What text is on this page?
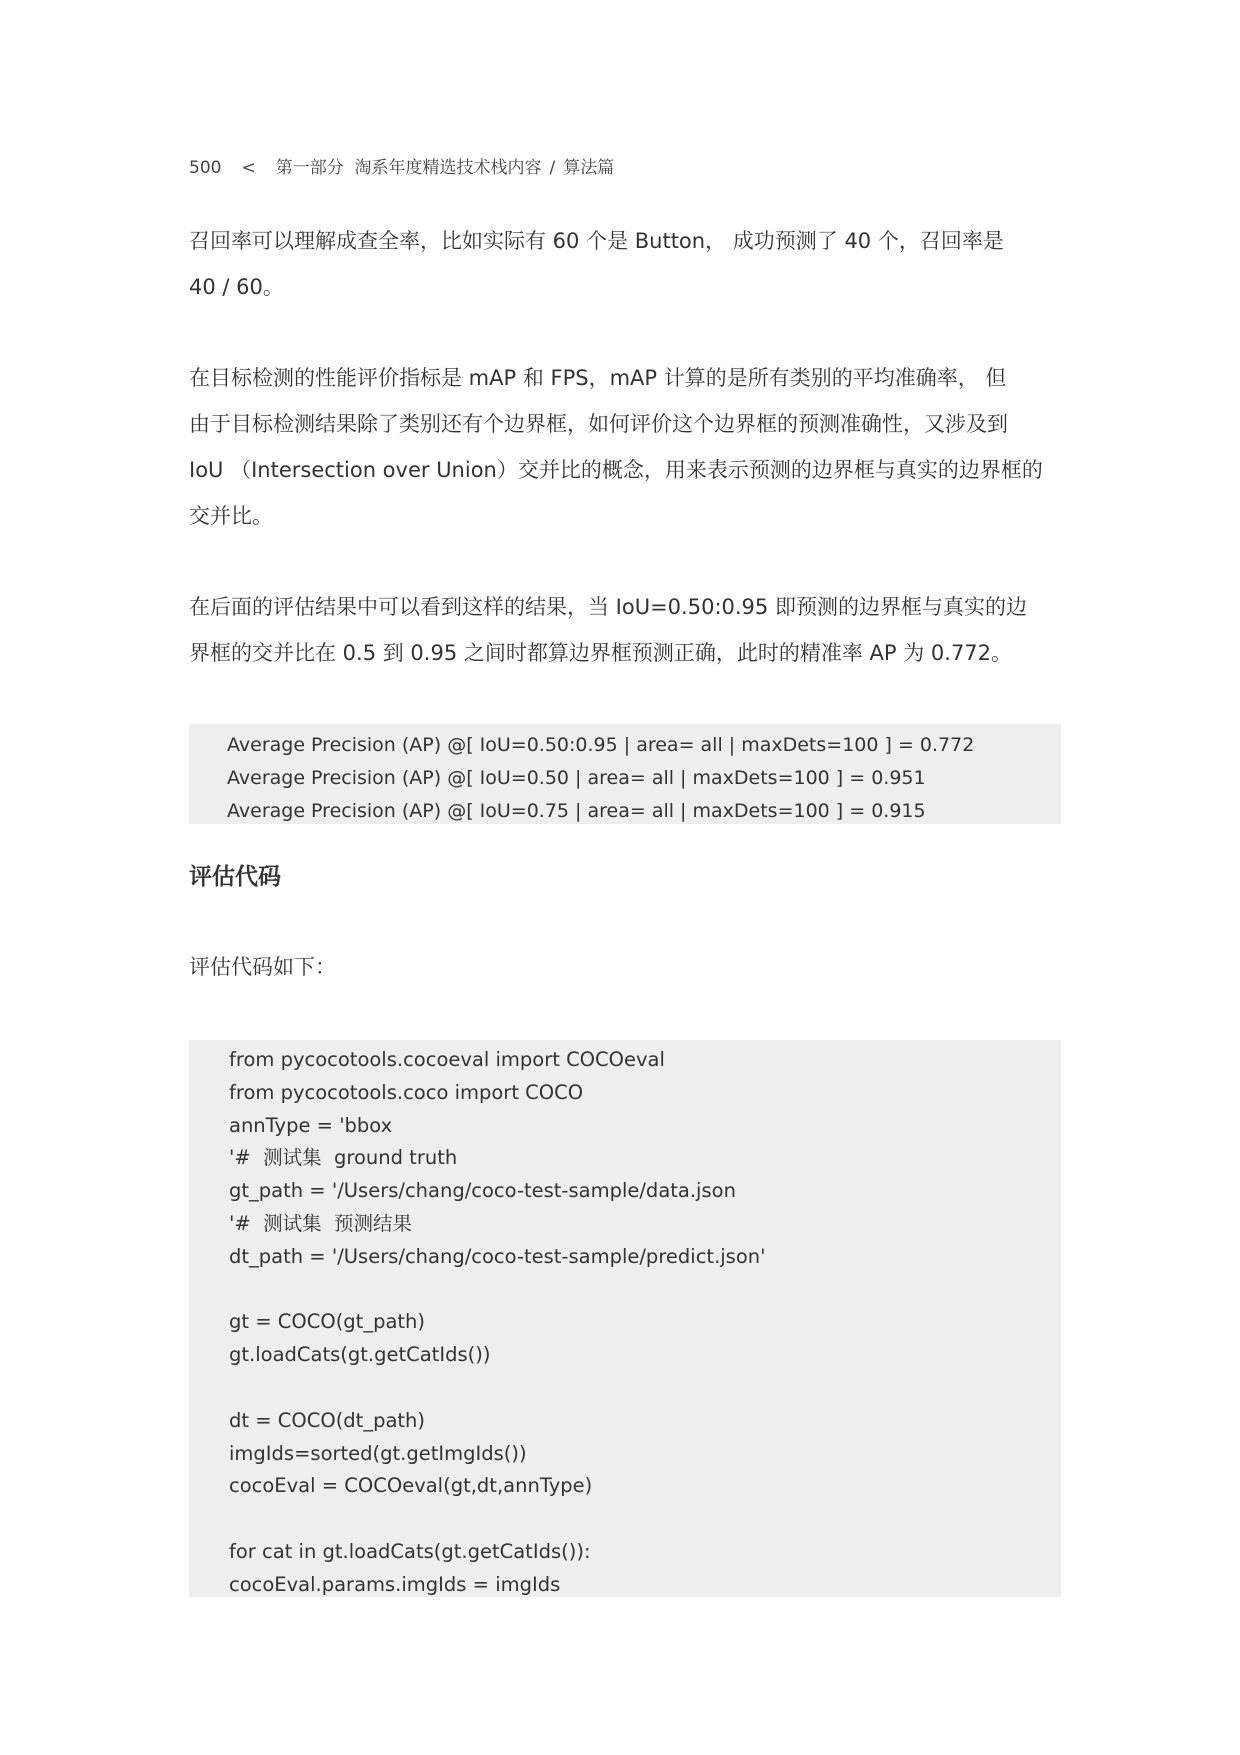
500 < 第一部分 淘系年度精选技术栈内容 / 算法篇
召回率可以理解成查全率，比如实际有 60 个是 Button， 成功预测了 40 个，召回率是
40 / 60。
在目标检测的性能评价指标是 mAP 和 FPS，mAP 计算的是所有类别的平均准确率， 但
由于目标检测结果除了类别还有个边界框，如何评价这个边界框的预测准确性，又涉及到
IoU （Intersection over Union）交并比的概念，用来表示预测的边界框与真实的边界框的
交并比。
在后面的评估结果中可以看到这样的结果，当 IoU=0.50:0.95 即预测的边界框与真实的边
界框的交并比在 0.5 到 0.95 之间时都算边界框预测正确，此时的精准率 AP 为 0.772。
Average Precision (AP) @[ IoU=0.50:0.95 | area= all | maxDets=100 ] = 0.772
Average Precision (AP) @[ IoU=0.50 | area= all | maxDets=100 ] = 0.951
Average Precision (AP) @[ IoU=0.75 | area= all | maxDets=100 ] = 0.915
评估代码
评估代码如下：
from pycocotools.cocoeval import COCOeval
from pycocotools.coco import COCO
annType = 'bbox
'#  测试集  ground truth
gt_path = '/Users/chang/coco-test-sample/data.json
'#  测试集  预测结果
dt_path = '/Users/chang/coco-test-sample/predict.json'
gt = COCO(gt_path)
gt.loadCats(gt.getCatIds())
dt = COCO(dt_path)
imgIds=sorted(gt.getImgIds())
cocoEval = COCOeval(gt,dt,annType)
for cat in gt.loadCats(gt.getCatIds()):
cocoEval.params.imgIds = imgIds
